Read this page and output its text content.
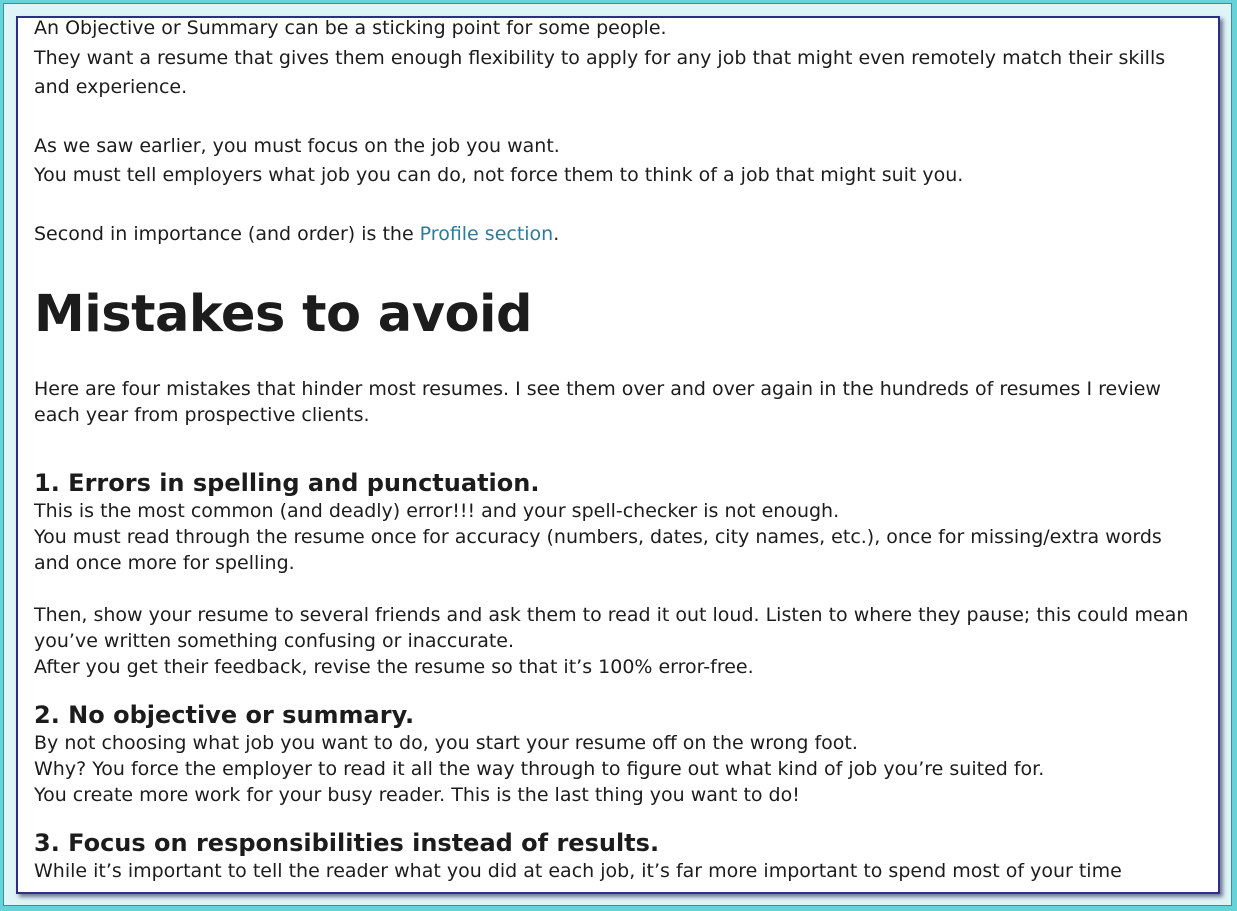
An Objective or Summary can be a sticking point for some people.

They want a resume that gives them enough flexibility to apply for any job that might even remotely match their skills

and experience.

As we saw earlier, you must focus on the job you want.

You must tell employers what job you can do, not force them to think of a job that might suit you.

Second in importance (and order) is the Profile section.

Mistakes to avoid

Here are four mistakes that hinder most resumes. I see them over and over again in the hundreds of resumes I review

each year from prospective clients.

1. Errors in spelling and punctuation.

This is the most common (and deadly) error!!! and your spell-checker is not enough.

You must read through the resume once for accuracy (numbers, dates, city names, etc.), once for missing/extra words

and once more for spelling.

Then, show your resume to several friends and ask them to read it out loud. Listen to where they pause; this could mean

you’ve written something confusing or inaccurate.

After you get their feedback, revise the resume so that it’s 100% error-free.

2. No objective or summary.

By not choosing what job you want to do, you start your resume off on the wrong foot.

Why? You force the employer to read it all the way through to figure out what kind of job you’re suited for.

You create more work for your busy reader. This is the last thing you want to do!

3. Focus on responsibilities instead of results.

While it’s important to tell the reader what you did at each job, it’s far more important to spend most of your time
